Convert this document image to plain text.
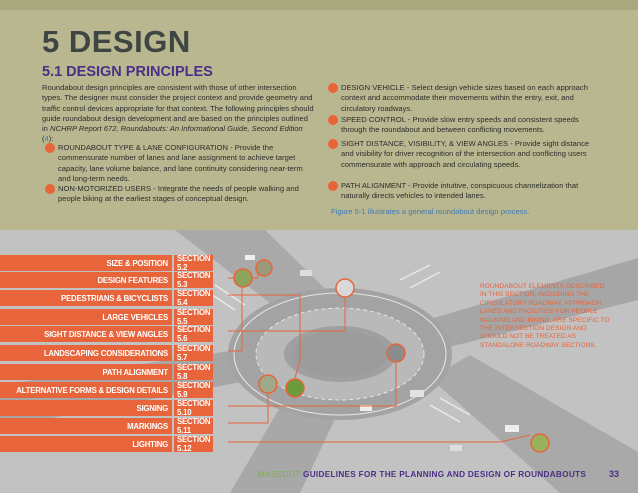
5 DESIGN
5.1 DESIGN PRINCIPLES

Roundabout design principles are consistent with those of other intersection types. The designer must consider the project context and provide geometry and traffic control devices appropriate for that context. The following principles should guide roundabout design development and are based on the principles outlined in NCHRP Report 672, Roundabouts: An Informational Guide, Second Edition (4):

ROUNDABOUT TYPE & LANE CONFIGURATION - Provide the commensurate number of lanes and lane assignment to achieve target capacity, lane volume balance, and lane continuity considering near-term and long-term needs.
NON-MOTORIZED USERS - Integrate the needs of people walking and people biking at the earliest stages of conceptual design.
DESIGN VEHICLE - Select design vehicle sizes based on each approach context and accommodate their movements within the entry, exit, and circulatory roadways.
SPEED CONTROL - Provide slow entry speeds and consistent speeds through the roundabout and between conflicting movements.
SIGHT DISTANCE, VISIBILITY, & VIEW ANGLES - Provide sight distance and visibility for driver recognition of the intersection and conflicting users commensurate with approach and circulating speeds.
PATH ALIGNMENT - Provide intuitive, conspicuous channelization that naturally directs vehicles to intended lanes.
Figure 5-1 illustrates a general roundabout design process.
SIZE & POSITION	SECTION 5.2
DESIGN FEATURES	SECTION 5.3
PEDESTRIANS & BICYCLISTS	SECTION 5.4
LARGE VEHICLES	SECTION 5.5
SIGHT DISTANCE & VIEW ANGLES	SECTION 5.6
LANDSCAPING CONSIDERATIONS	SECTION 5.7
PATH ALIGNMENT	SECTION 5.8
ALTERNATIVE FORMS & DESIGN DETAILS	SECTION 5.9
SIGNING	SECTION 5.10
MARKINGS	SECTION 5.11
LIGHTING	SECTION 5.12
ROUNDABOUT ELEMENTS DESCRIBED IN THIS SECTION, INCLUDING THE CIRCULATORY ROADWAY, APPROACH LANES AND FACILITIES FOR PEOPLE WALKING AND BIKING, ARE SPECIFIC TO THE INTERSECTION DESIGN AND SHOULD NOT BE TREATED AS STANDALONE ROADWAY SECTIONS.
MASSDOT GUIDELINES FOR THE PLANNING AND DESIGN OF ROUNDABOUTS	33
